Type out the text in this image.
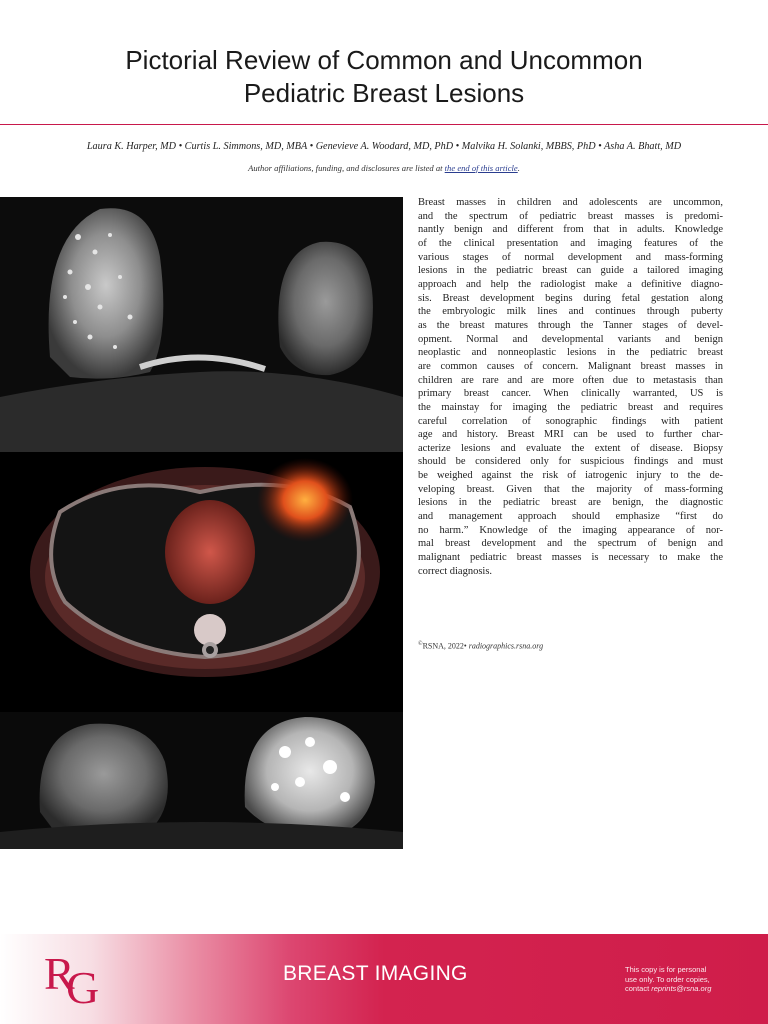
Pictorial Review of Common and Uncommon
Pediatric Breast Lesions
Laura K. Harper, MD • Curtis L. Simmons, MD, MBA • Genevieve A. Woodard, MD, PhD • Malvika H. Solanki, MBBS, PhD • Asha A. Bhatt, MD
Author affiliations, funding, and disclosures are listed at the end of this article.
Breast masses in children and adolescents are uncommon,
and the spectrum of pediatric breast masses is predomi-
nantly benign and different from that in adults. Knowledge
of the clinical presentation and imaging features of the
various stages of normal development and mass-forming
lesions in the pediatric breast can guide a tailored imaging
approach and help the radiologist make a definitive diagno-
sis. Breast development begins during fetal gestation along
the embryologic milk lines and continues through puberty
as the breast matures through the Tanner stages of devel-
opment. Normal and developmental variants and benign
neoplastic and nonneoplastic lesions in the pediatric breast
are common causes of concern. Malignant breast masses in
children are rare and are more often due to metastasis than
primary breast cancer. When clinically warranted, US is
the mainstay for imaging the pediatric breast and requires
careful correlation of sonographic findings with patient
age and history. Breast MRI can be used to further char-
acterize lesions and evaluate the extent of disease. Biopsy
should be considered only for suspicious findings and must
be weighed against the risk of iatrogenic injury to the de-
veloping breast. Given that the majority of mass-forming
lesions in the pediatric breast are benign, the diagnostic
and management approach should emphasize “first do
no harm.” Knowledge of the imaging appearance of nor-
mal breast development and the spectrum of benign and
malignant pediatric breast masses is necessary to make the
correct diagnosis.
©RSNA, 2022• radiographics.rsna.org
R
G	BREAST IMAGING	This copy is for personal
use only. To order copies,
contact reprints@rsna.org
